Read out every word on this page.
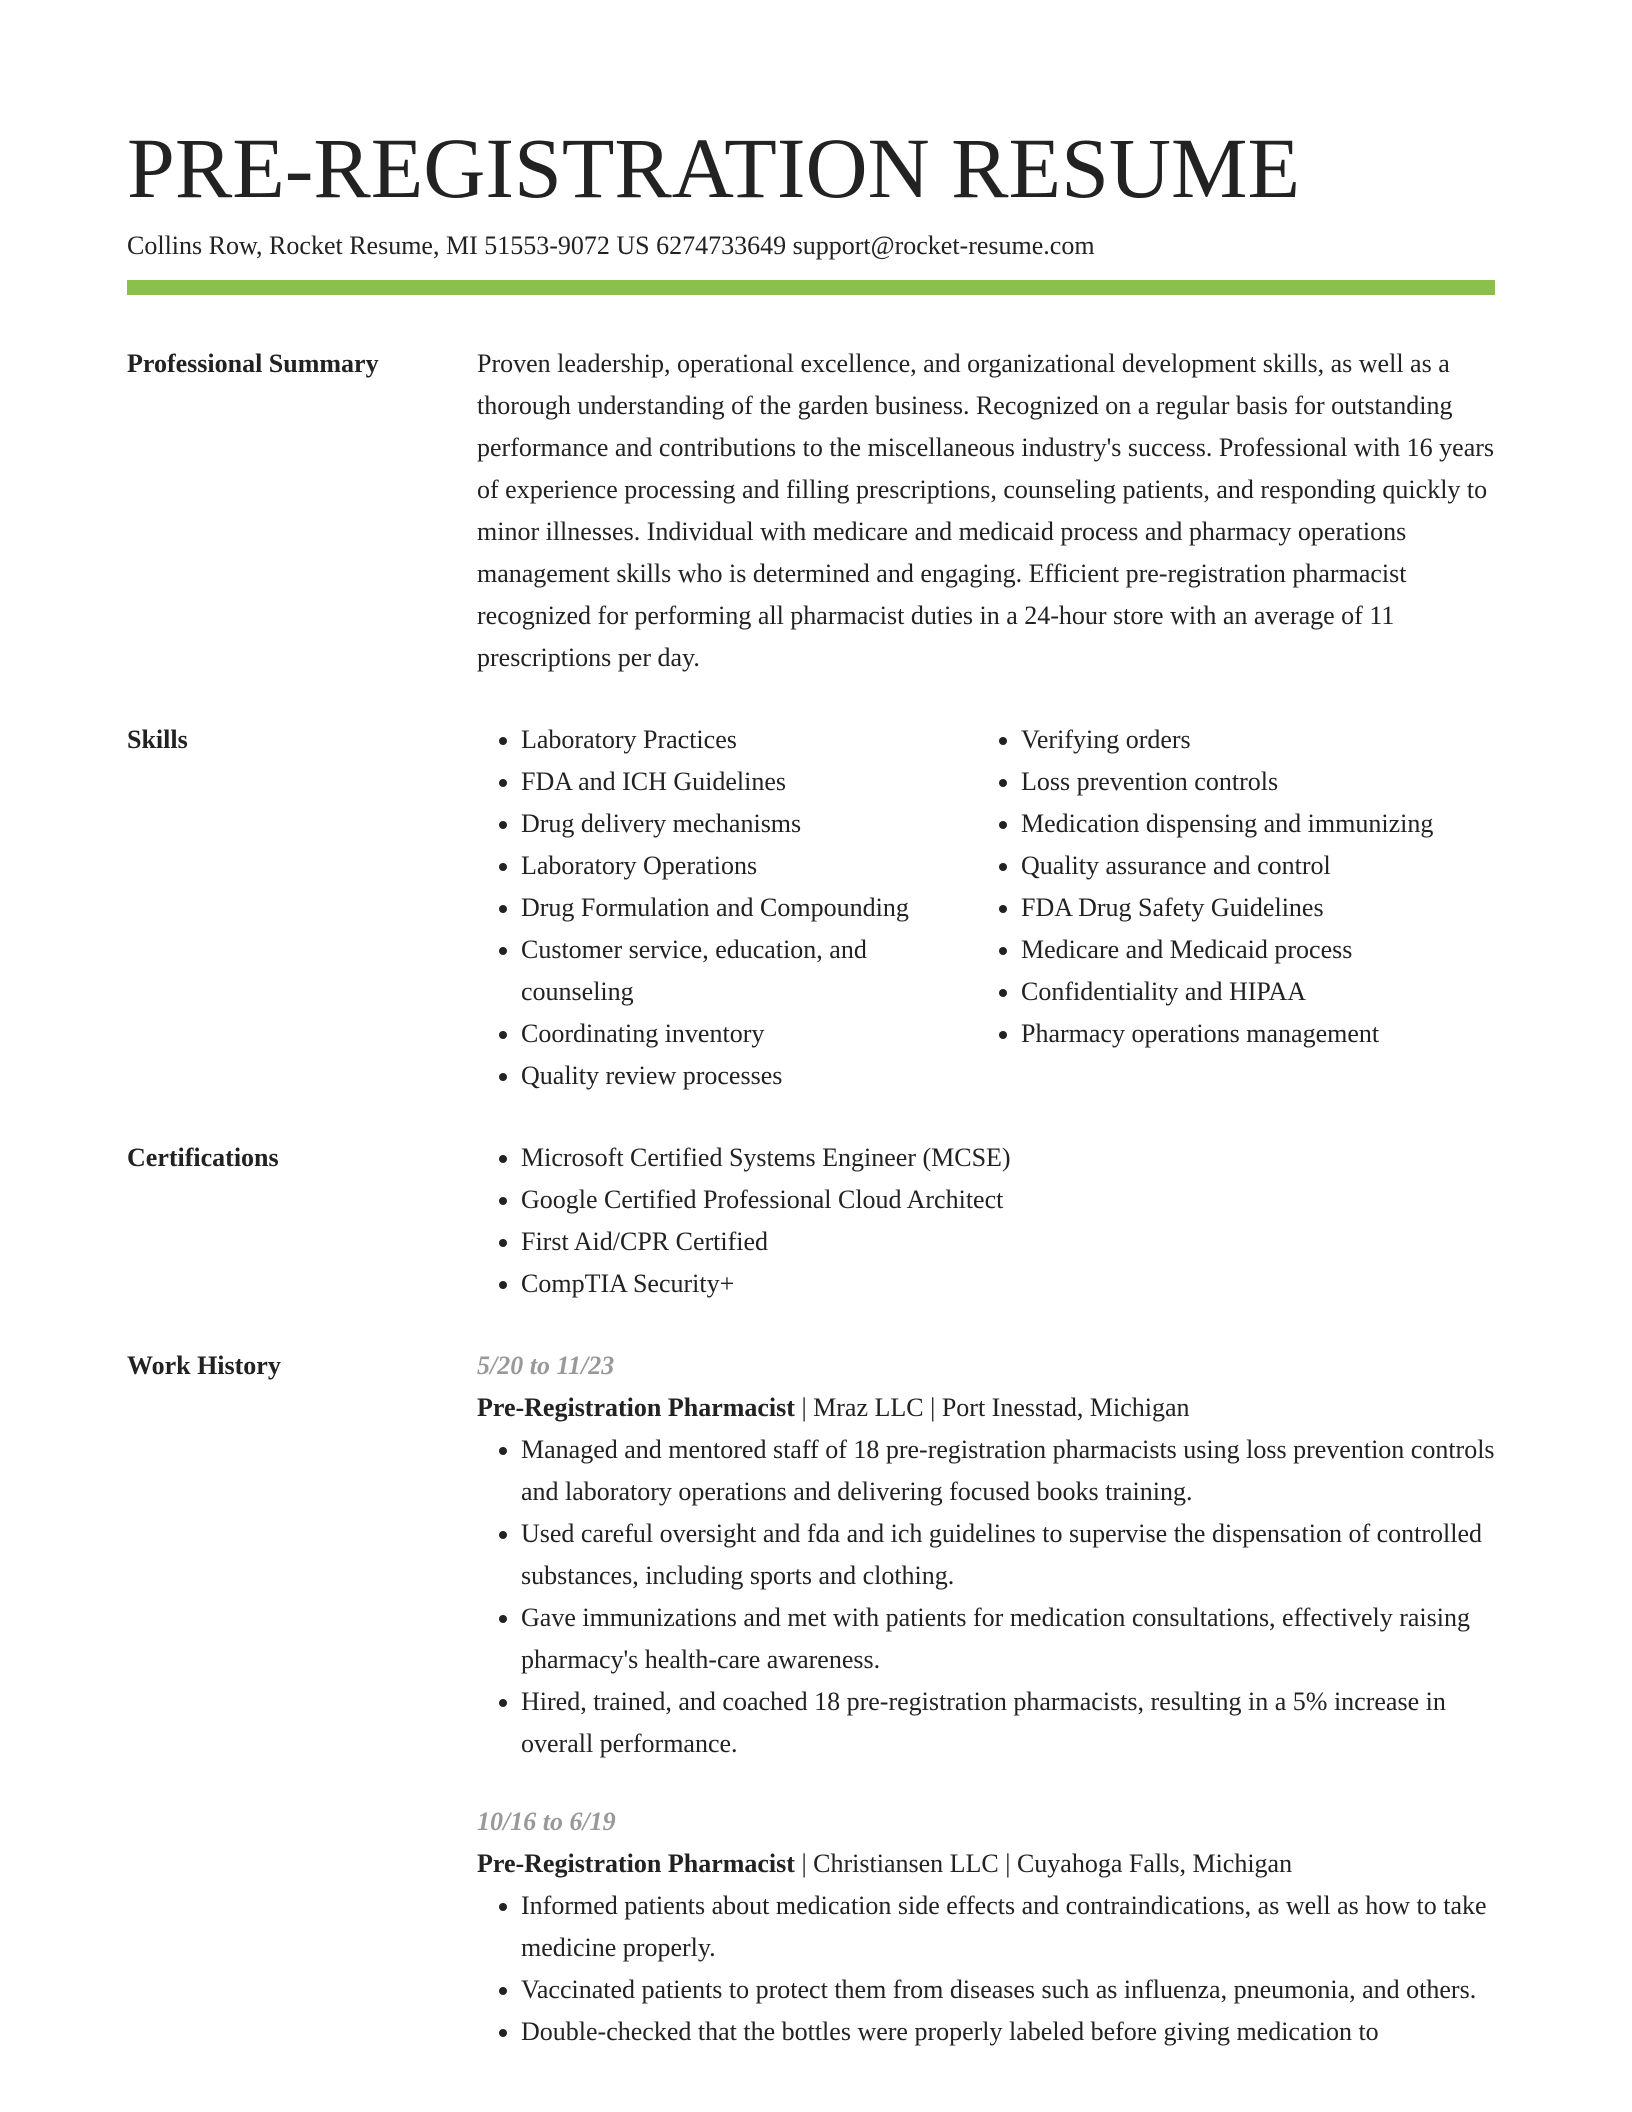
PRE-REGISTRATION RESUME
Collins Row, Rocket Resume, MI 51553-9072 US 6274733649 support@rocket-resume.com
Professional Summary	Proven leadership, operational excellence, and organizational development skills, as well as a thorough understanding of the garden business. Recognized on a regular basis for outstanding performance and contributions to the miscellaneous industry's success. Professional with 16 years of experience processing and filling prescriptions, counseling patients, and responding quickly to minor illnesses. Individual with medicare and medicaid process and pharmacy operations management skills who is determined and engaging. Efficient pre-registration pharmacist recognized for performing all pharmacist duties in a 24-hour store with an average of 11 prescriptions per day.

Skills	• Laboratory Practices
• FDA and ICH Guidelines
• Drug delivery mechanisms
• Laboratory Operations
• Drug Formulation and Compounding
• Customer service, education, and counseling
• Coordinating inventory
• Quality review processes
• Verifying orders
• Loss prevention controls
• Medication dispensing and immunizing
• Quality assurance and control
• FDA Drug Safety Guidelines
• Medicare and Medicaid process
• Confidentiality and HIPAA
• Pharmacy operations management
Certifications	• Microsoft Certified Systems Engineer (MCSE)
• Google Certified Professional Cloud Architect
• First Aid/CPR Certified
• CompTIA Security+
Work History	5/20 to 11/23
Pre-Registration Pharmacist | Mraz LLC | Port Inesstad, Michigan
• Managed and mentored staff of 18 pre-registration pharmacists using loss prevention controls and laboratory operations and delivering focused books training.
• Used careful oversight and fda and ich guidelines to supervise the dispensation of controlled substances, including sports and clothing.
• Gave immunizations and met with patients for medication consultations, effectively raising pharmacy's health-care awareness.
• Hired, trained, and coached 18 pre-registration pharmacists, resulting in a 5% increase in overall performance.
10/16 to 6/19
Pre-Registration Pharmacist | Christiansen LLC | Cuyahoga Falls, Michigan
• Informed patients about medication side effects and contraindications, as well as how to take medicine properly.
• Vaccinated patients to protect them from diseases such as influenza, pneumonia, and others.
• Double-checked that the bottles were properly labeled before giving medication to
